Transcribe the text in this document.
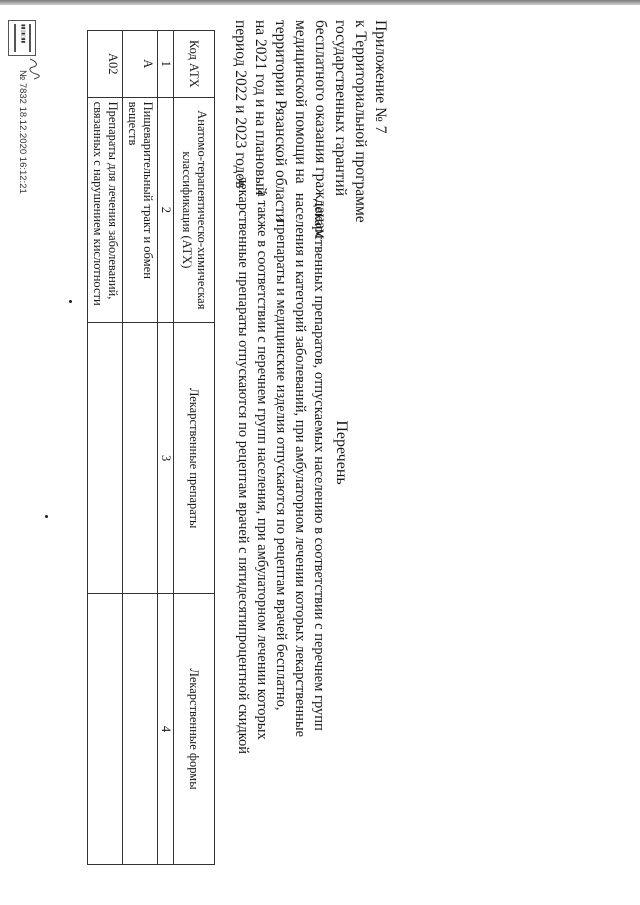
Приложение № 7
к Территориальной программе
государственных гарантий
бесплатного оказания гражданам
медицинской помощи на
территории Рязанской области
на 2021 год и на плановый
период 2022 и 2023 годов
Перечень
лекарственных препаратов, отпускаемых населению в соответствии с перечнем групп
населения и категорий заболеваний, при амбулаторном лечении которых лекарственные
препараты и медицинские изделия отпускаются по рецептам врачей бесплатно,
а также в соответствии с перечнем групп населения, при амбулаторном лечении которых
лекарственные препараты отпускаются по рецептам врачей с пятидесятипроцентной скидкой
Код АТХ	Анатомо-терапевтическо-химическая классификация (АТХ)	Лекарственные препараты	Лекарственные формы
1	2	3	4
А	Пищеварительный тракт и обмен веществ		
А02	Препараты для лечения заболеваний, связанных с нарушением кислотности		
▮▮▯▮▯▮▮
№ 7832 18.12.2020 16:12:21
